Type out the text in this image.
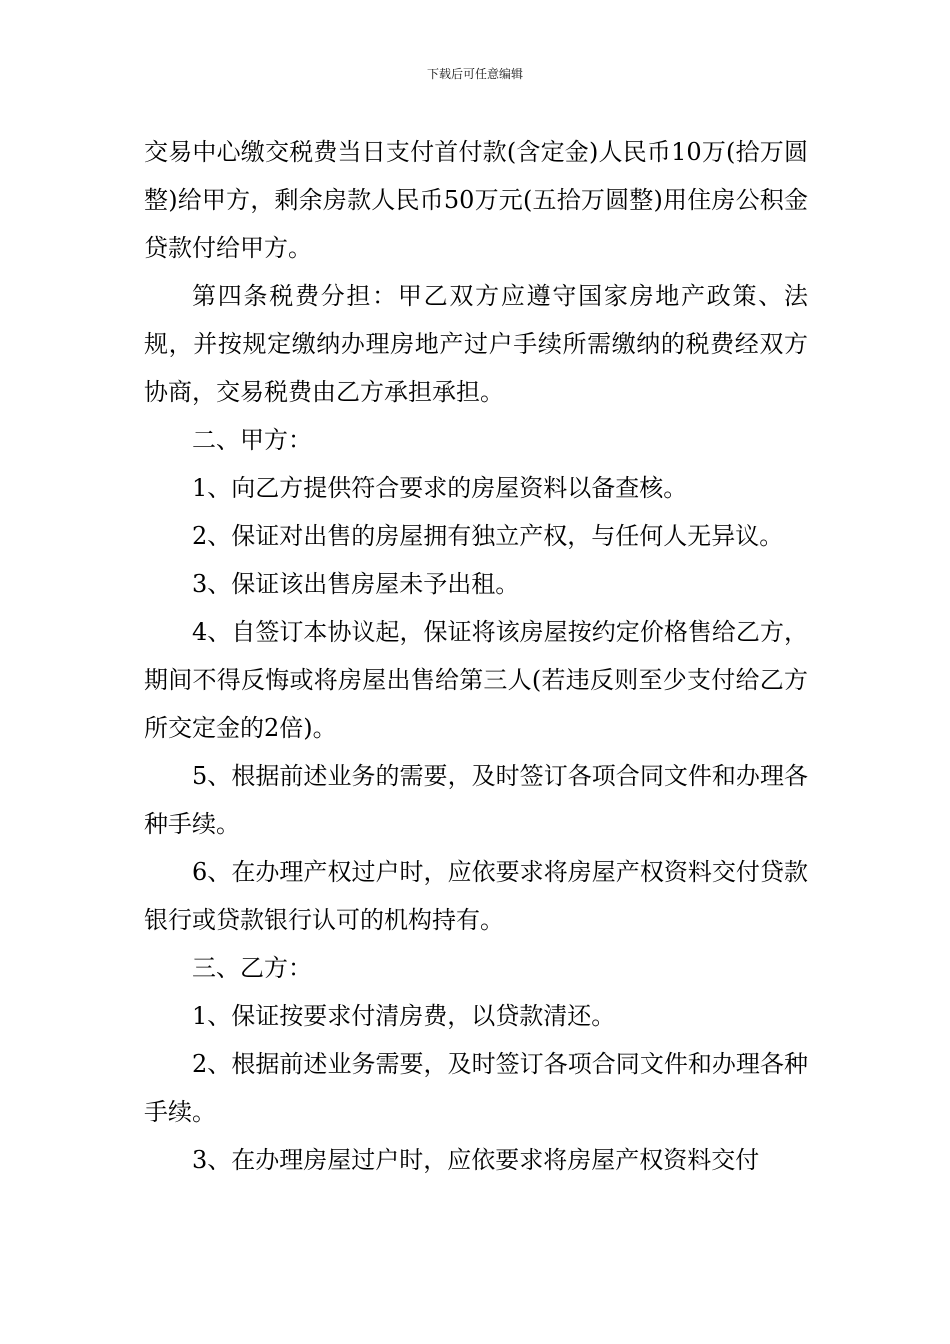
下载后可任意编辑

交易中心缴交税费当日支付首付款(含定金)人民币10万(拾万圆整)给甲方，剩余房款人民币50万元(五拾万圆整)用住房公积金贷款付给甲方。

第四条税费分担：甲乙双方应遵守国家房地产政策、法规，并按规定缴纳办理房地产过户手续所需缴纳的税费经双方协商，交易税费由乙方承担承担。

二、甲方：

1、向乙方提供符合要求的房屋资料以备查核。

2、保证对出售的房屋拥有独立产权，与任何人无异议。

3、保证该出售房屋未予出租。

4、自签订本协议起，保证将该房屋按约定价格售给乙方，期间不得反悔或将房屋出售给第三人(若违反则至少支付给乙方所交定金的2倍)。

5、根据前述业务的需要，及时签订各项合同文件和办理各种手续。

6、在办理产权过户时，应依要求将房屋产权资料交付贷款银行或贷款银行认可的机构持有。

三、乙方：

1、保证按要求付清房费，以贷款清还。

2、根据前述业务需要，及时签订各项合同文件和办理各种手续。

3、在办理房屋过户时，应依要求将房屋产权资料交付
